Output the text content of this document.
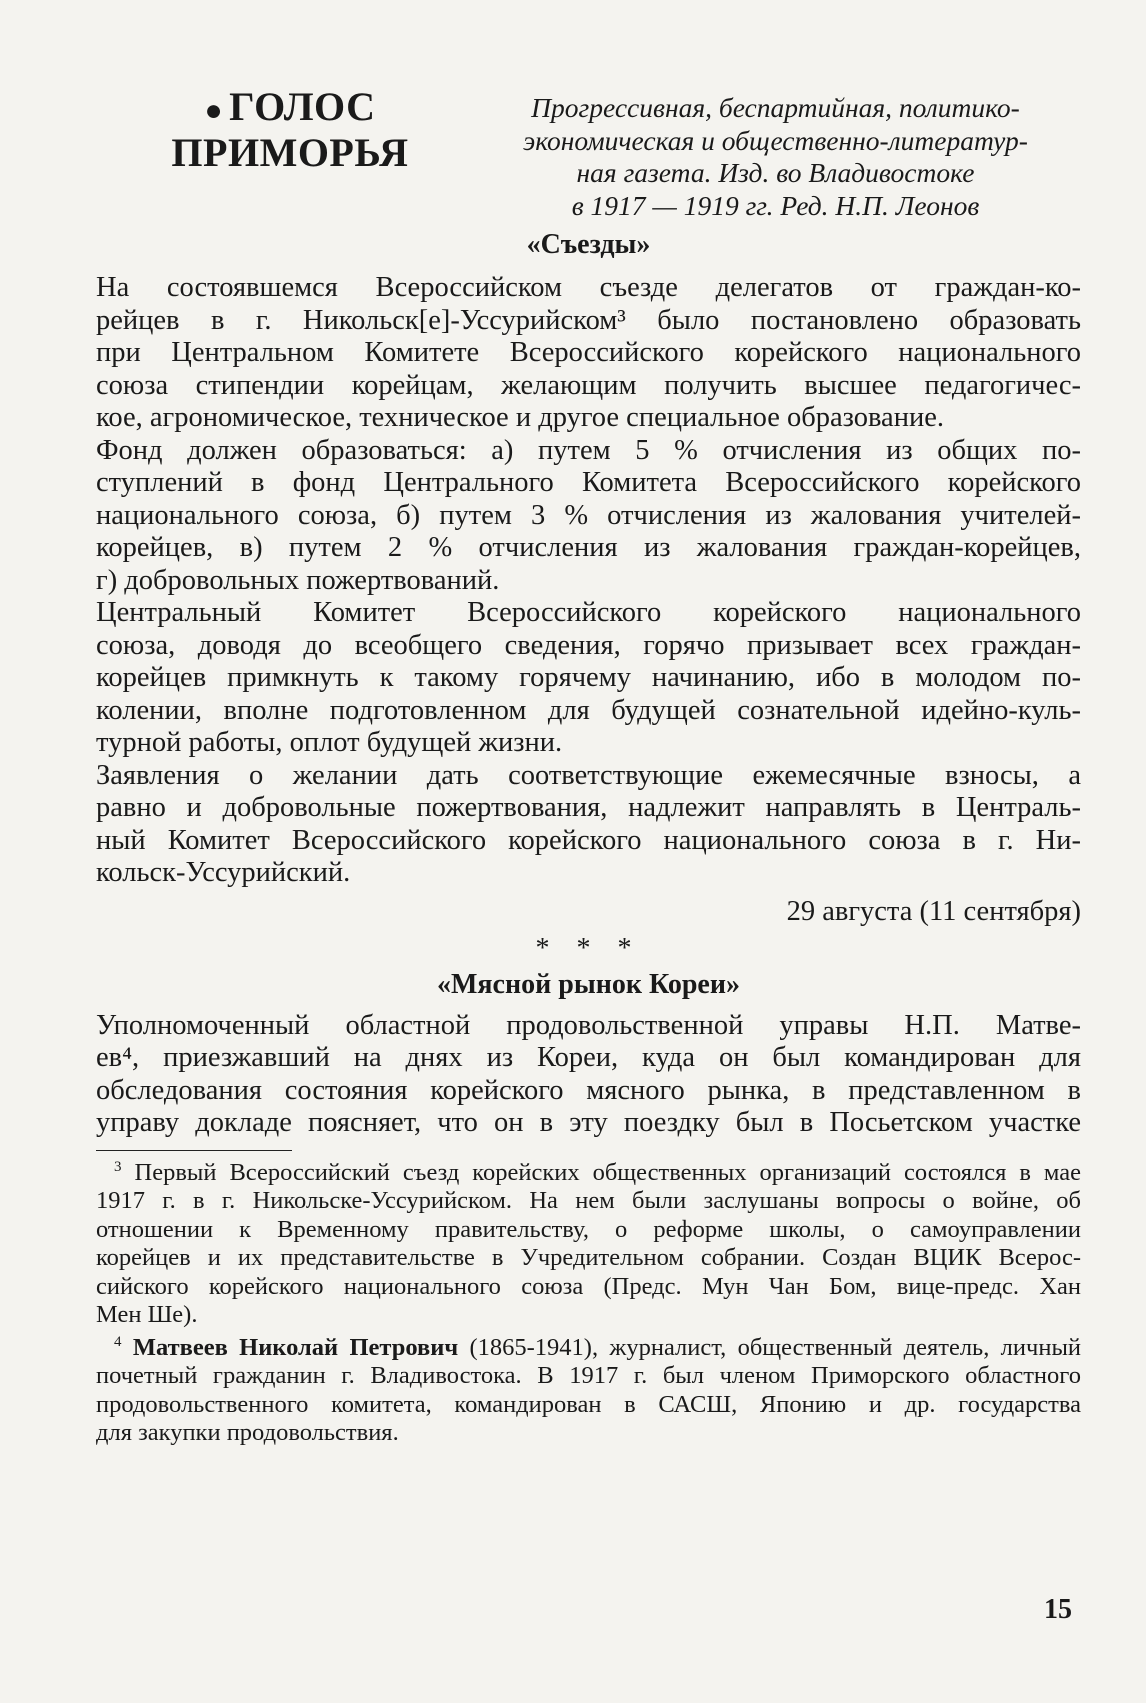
● ГОЛОС
ПРИМОРЬЯ
Прогрессивная, беспартийная, политико-
экономическая и общественно-литератур-
ная газета. Изд. во Владивостоке
в 1917 — 1919 гг. Ред. Н.П. Леонов
«Съезды»

На состоявшемся Всероссийском съезде делегатов от граждан-ко-
рейцев в г. Никольск[е]-Уссурийском³ было постановлено образовать
при Центральном Комитете Всероссийского корейского национального
союза стипендии корейцам, желающим получить высшее педагогичес-
кое, агрономическое, техническое и другое специальное образование.

Фонд должен образоваться: а) путем 5 % отчисления из общих по-
ступлений в фонд Центрального Комитета Всероссийского корейского
национального союза, б) путем 3 % отчисления из жалования учителей-
корейцев, в) путем 2 % отчисления из жалования граждан-корейцев,
г) добровольных пожертвований.

Центральный Комитет Всероссийского корейского национального
союза, доводя до всеобщего сведения, горячо призывает всех граждан-
корейцев примкнуть к такому горячему начинанию, ибо в молодом по-
колении, вполне подготовленном для будущей сознательной идейно-куль-
турной работы, оплот будущей жизни.

Заявления о желании дать соответствующие ежемесячные взносы, а
равно и добровольные пожертвования, надлежит направлять в Централь-
ный Комитет Всероссийского корейского национального союза в г. Ни-
кольск-Уссурийский.

29 августа (11 сентября)

* * *

«Мясной рынок Кореи»

Уполномоченный областной продовольственной управы Н.П. Матве-
ев⁴, приезжавший на днях из Кореи, куда он был командирован для
обследования состояния корейского мясного рынка, в представленном в
управу докладе поясняет, что он в эту поездку был в Посьетском участке

$^3$ Первый Всероссийский съезд корейских общественных организаций состоялся в мае
1917 г. в г. Никольске-Уссурийском. На нем были заслушаны вопросы о войне, об
отношении к Временному правительству, о реформе школы, о самоуправлении
корейцев и их представительстве в Учредительном собрании. Создан ВЦИК Всерос-
сийского корейского национального союза (Предс. Мун Чан Бом, вице-предс. Хан
Мен Ше).

$^4$ Матвеев Николай Петрович (1865-1941), журналист, общественный деятель, личный
почетный гражданин г. Владивостока. В 1917 г. был членом Приморского областного
продовольственного комитета, командирован в САСШ, Японию и др. государства
для закупки продовольствия.

15
